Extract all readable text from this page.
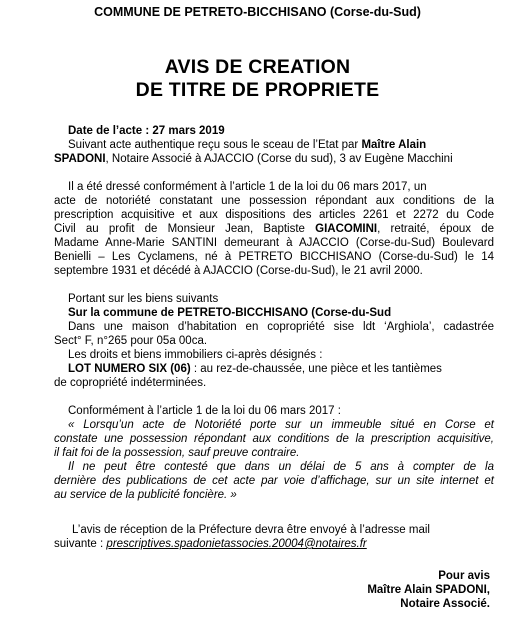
COMMUNE DE PETRETO-BICCHISANO (Corse-du-Sud)
AVIS DE CREATION
DE TITRE DE PROPRIETE
Date de l’acte : 27 mars 2019
Suivant acte authentique reçu sous le sceau de l’Etat par Maître Alain
SPADONI, Notaire Associé à AJACCIO (Corse du sud), 3 av Eugène Macchini
Il a été dressé conformément à l’article 1 de la loi du 06 mars 2017, un
acte de notoriété constatant une possession répondant aux conditions de la
prescription acquisitive et aux dispositions des articles 2261 et 2272 du Code
Civil au profit de Monsieur Jean, Baptiste GIACOMINI, retraité, époux de
Madame Anne-Marie SANTINI demeurant à AJACCIO (Corse-du-Sud) Boulevard
Benielli – Les Cyclamens, né à PETRETO BICCHISANO (Corse-du-Sud) le 14
septembre 1931 et décédé à AJACCIO (Corse-du-Sud), le 21 avril 2000.
Portant sur les biens suivants
Sur la commune de PETRETO-BICCHISANO (Corse-du-Sud
Dans une maison d’habitation en copropriété sise ldt ‘Arghiola’, cadastrée
Sect° F, n°265 pour 05a 00ca.
Les droits et biens immobiliers ci-après désignés :
LOT NUMERO SIX (06) : au rez-de-chaussée, une pièce et les tantièmes
de copropriété indéterminées.
Conformément à l’article 1 de la loi du 06 mars 2017 :
« Lorsqu’un acte de Notoriété porte sur un immeuble situé en Corse et
constate une possession répondant aux conditions de la prescription acquisitive,
il fait foi de la possession, sauf preuve contraire.
Il ne peut être contesté que dans un délai de 5 ans à compter de la
dernière des publications de cet acte par voie d’affichage, sur un site internet et
au service de la publicité foncière. »
L’avis de réception de la Préfecture devra être envoyé à l’adresse mail
suivante : prescriptives.spadonietassocies.20004@notaires.fr
Pour avis
Maître Alain SPADONI,
Notaire Associé.
